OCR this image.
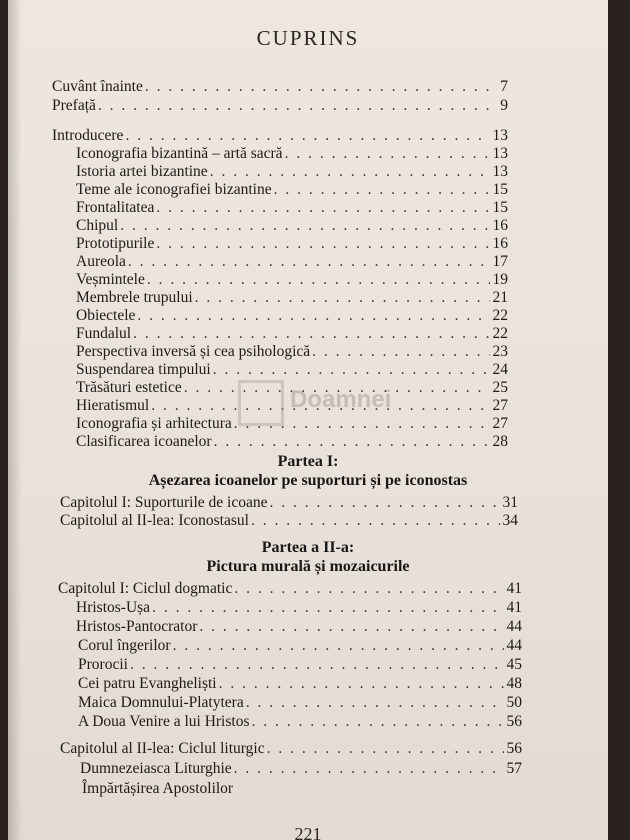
CUPRINS
Cuvânt înainte . . .	7
Prefață . . .	9
Introducere . . .	13
Iconografia bizantină – artă sacră . . .	13
Istoria artei bizantine . . .	13
Teme ale iconografiei bizantine . . .	15
Frontalitatea . . .	15
Chipul . . .	16
Prototipurile . . .	16
Aureola . . .	17
Veșmintele . . .	19
Membrele trupului . . .	21
Obiectele . . .	22
Fundalul . . .	22
Perspectiva inversă și cea psihologică . . .	23
Suspendarea timpului . . .	24
Trăsături estetice . . .	25
Hieratismul . . .	27
Iconografia și arhitectura . . .	27
Clasificarea icoanelor . . .	28
Doamnei
Partea I:
Așezarea icoanelor pe suporturi și pe iconostas
Capitolul I: Suporturile de icoane . . .	31
Capitolul al II-lea: Iconostasul . . .	34
Partea a II-a:
Pictura murală și mozaicurile
Capitolul I: Ciclul dogmatic . . .	41
Hristos-Ușa . . .	41
Hristos-Pantocrator . . .	44
Corul îngerilor . . .	44
Prorocii . . .	45
Cei patru Evangheliști . . .	48
Maica Domnului-Platytera . . .	50
A Doua Venire a lui Hristos . . .	56
Capitolul al II-lea: Ciclul liturgic . . .	56
Dumnezeiasca Liturghie . . .	57
Împărtășirea Apostolilor
221
